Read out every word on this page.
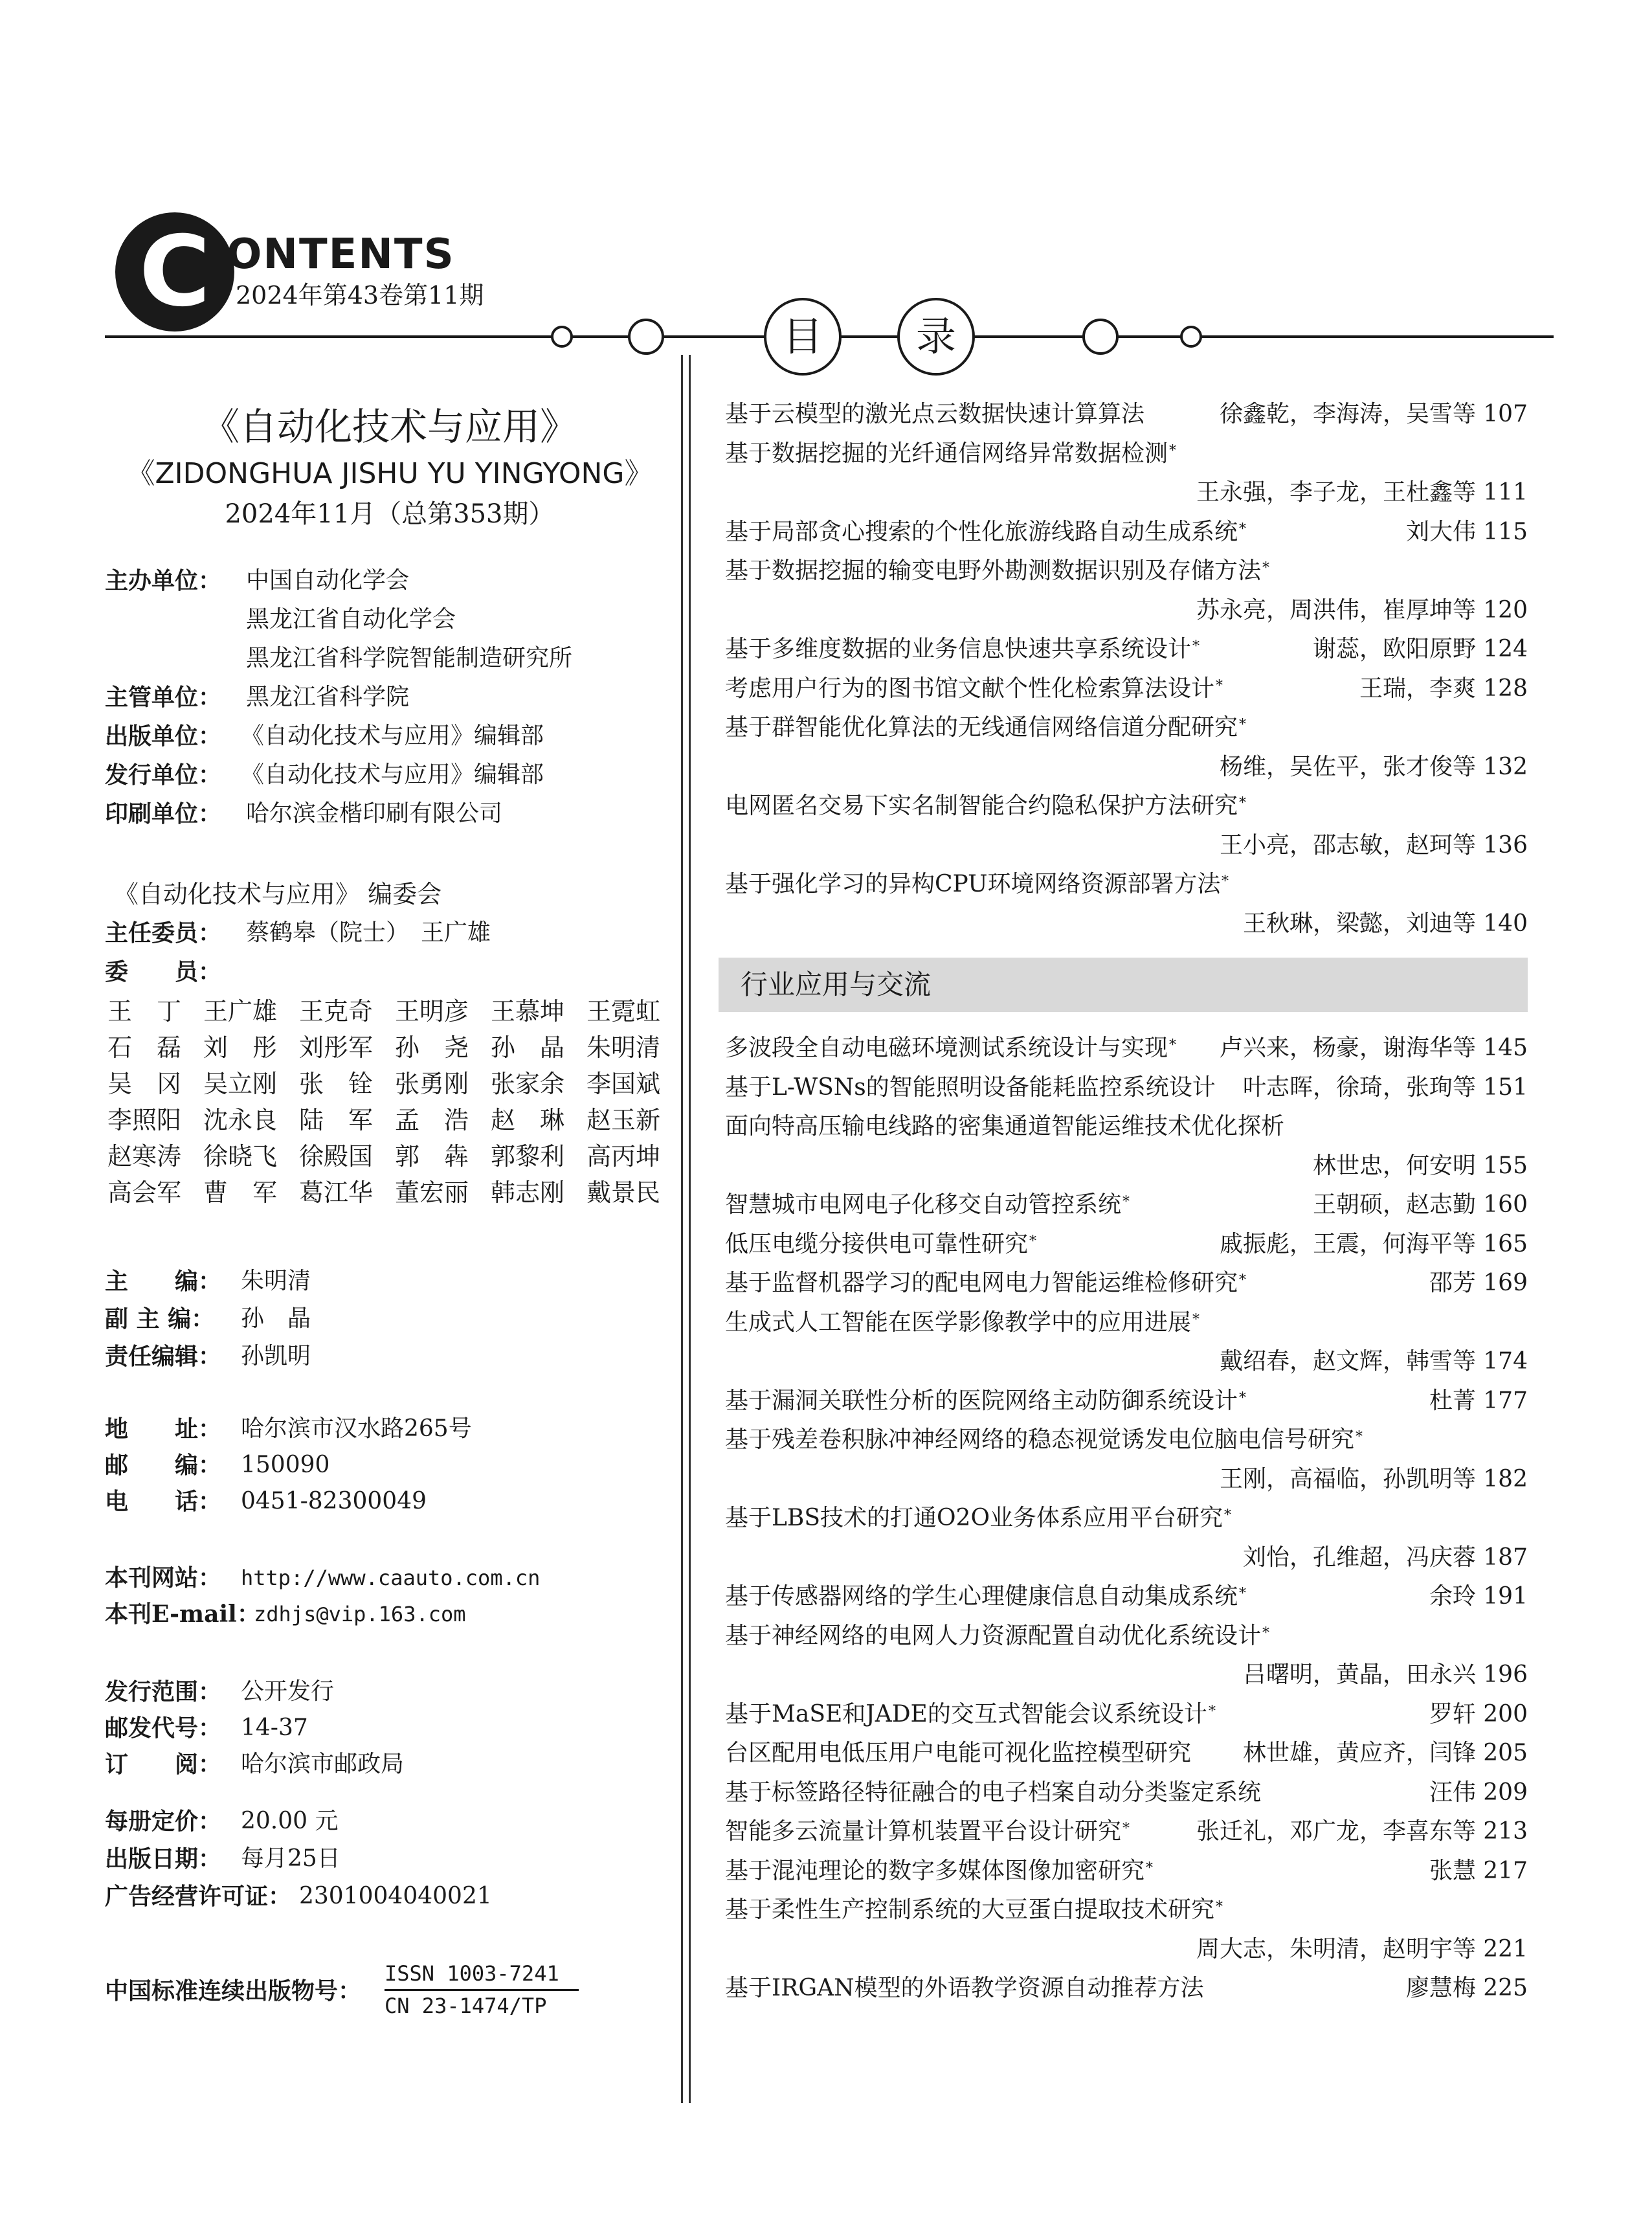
C ONTENTS
2024年第43卷第11期
目	录
《自动化技术与应用》
《ZIDONGHUA JISHU YU YINGYONG》
2024年11月（总第353期）
主办单位： 中国自动化学会
黑龙江省自动化学会
黑龙江省科学院智能制造研究所
主管单位： 黑龙江省科学院
出版单位： 《自动化技术与应用》编辑部
发行单位： 《自动化技术与应用》编辑部
印刷单位： 哈尔滨金楷印刷有限公司
《自动化技术与应用》 编委会
主任委员： 蔡鹤皋（院士）　王广雄
委　　员：
王　丁 王广雄 王克奇 王明彦 王慕坤 王霓虹
石　磊 刘　彤 刘彤军 孙　尧 孙　晶 朱明清
吴　冈 吴立刚 张　铨 张勇刚 张家余 李国斌
李照阳 沈永良 陆　军 孟　浩 赵　琳 赵玉新
赵寒涛 徐晓飞 徐殿国 郭　犇 郭黎利 高丙坤
高会军 曹　军 葛江华 董宏丽 韩志刚 戴景民
主　　编： 朱明清
副 主 编： 孙　晶
责任编辑： 孙凯明
地　　址： 哈尔滨市汉水路265号
邮　　编： 150090
电　　话： 0451-82300049
本刊网站： http://www.caauto.com.cn
本刊E-mail：
zdhjs@vip.163.com
发行范围： 公开发行
邮发代号： 14-37
订　　阅： 哈尔滨市邮政局
每册定价： 20.00 元
出版日期： 每月25日
广告经营许可证： 2301004040021
中国标准连续出版物号：
ISSN 1003-7241
CN 23-1474/TP
基于云模型的激光点云数据快速计算算法	徐鑫乾，李海涛，吴雪等 107
基于数据挖掘的光纤通信网络异常数据检测 *
王永强，李子龙，王杜鑫等 111
基于局部贪心搜索的个性化旅游线路自动生成系统 *	刘大伟 115
基于数据挖掘的输变电野外勘测数据识别及存储方法 *
苏永亮，周洪伟，崔厚坤等 120
基于多维度数据的业务信息快速共享系统设计 *	谢蕊，欧阳原野 124
考虑用户行为的图书馆文献个性化检索算法设计 *	王瑞，李爽 128
基于群智能优化算法的无线通信网络信道分配研究 *
杨维，吴佐平，张才俊等 132
电网匿名交易下实名制智能合约隐私保护方法研究 *
王小亮，邵志敏，赵珂等 136
基于强化学习的异构CPU环境网络资源部署方法 *
王秋琳，梁懿，刘迪等 140
行业应用与交流
多波段全自动电磁环境测试系统设计与实现 * 卢兴来，杨豪，谢海华等 145
基于L-WSNs的智能照明设备能耗监控系统设计 叶志晖，徐琦，张珣等 151
面向特高压输电线路的密集通道智能运维技术优化探析
林世忠，何安明 155
智慧城市电网电子化移交自动管控系统 *	王朝硕，赵志勤 160
低压电缆分接供电可靠性研究 *	戚振彪，王震，何海平等 165
基于监督机器学习的配电网电力智能运维检修研究 *	邵芳 169
生成式人工智能在医学影像教学中的应用进展 *
戴绍春，赵文辉，韩雪等 174
基于漏洞关联性分析的医院网络主动防御系统设计 *	杜菁 177
基于残差卷积脉冲神经网络的稳态视觉诱发电位脑电信号研究 *
王刚，高福临，孙凯明等 182
基于LBS技术的打通O2O业务体系应用平台研究 *
刘怡，孔维超，冯庆蓉 187
基于传感器网络的学生心理健康信息自动集成系统 *	余玲 191
基于神经网络的电网人力资源配置自动优化系统设计 *
吕曙明，黄晶，田永兴 196
基于MaSE和JADE的交互式智能会议系统设计 *	罗轩 200
台区配用电低压用户电能可视化监控模型研究 林世雄，黄应齐，闫锋 205
基于标签路径特征融合的电子档案自动分类鉴定系统	汪伟 209
智能多云流量计算机装置平台设计研究 *	张迁礼，邓广龙，李喜东等 213
基于混沌理论的数字多媒体图像加密研究 *	张慧 217
基于柔性生产控制系统的大豆蛋白提取技术研究 *
周大志，朱明清，赵明宇等 221
基于IRGAN模型的外语教学资源自动推荐方法	廖慧梅 225
